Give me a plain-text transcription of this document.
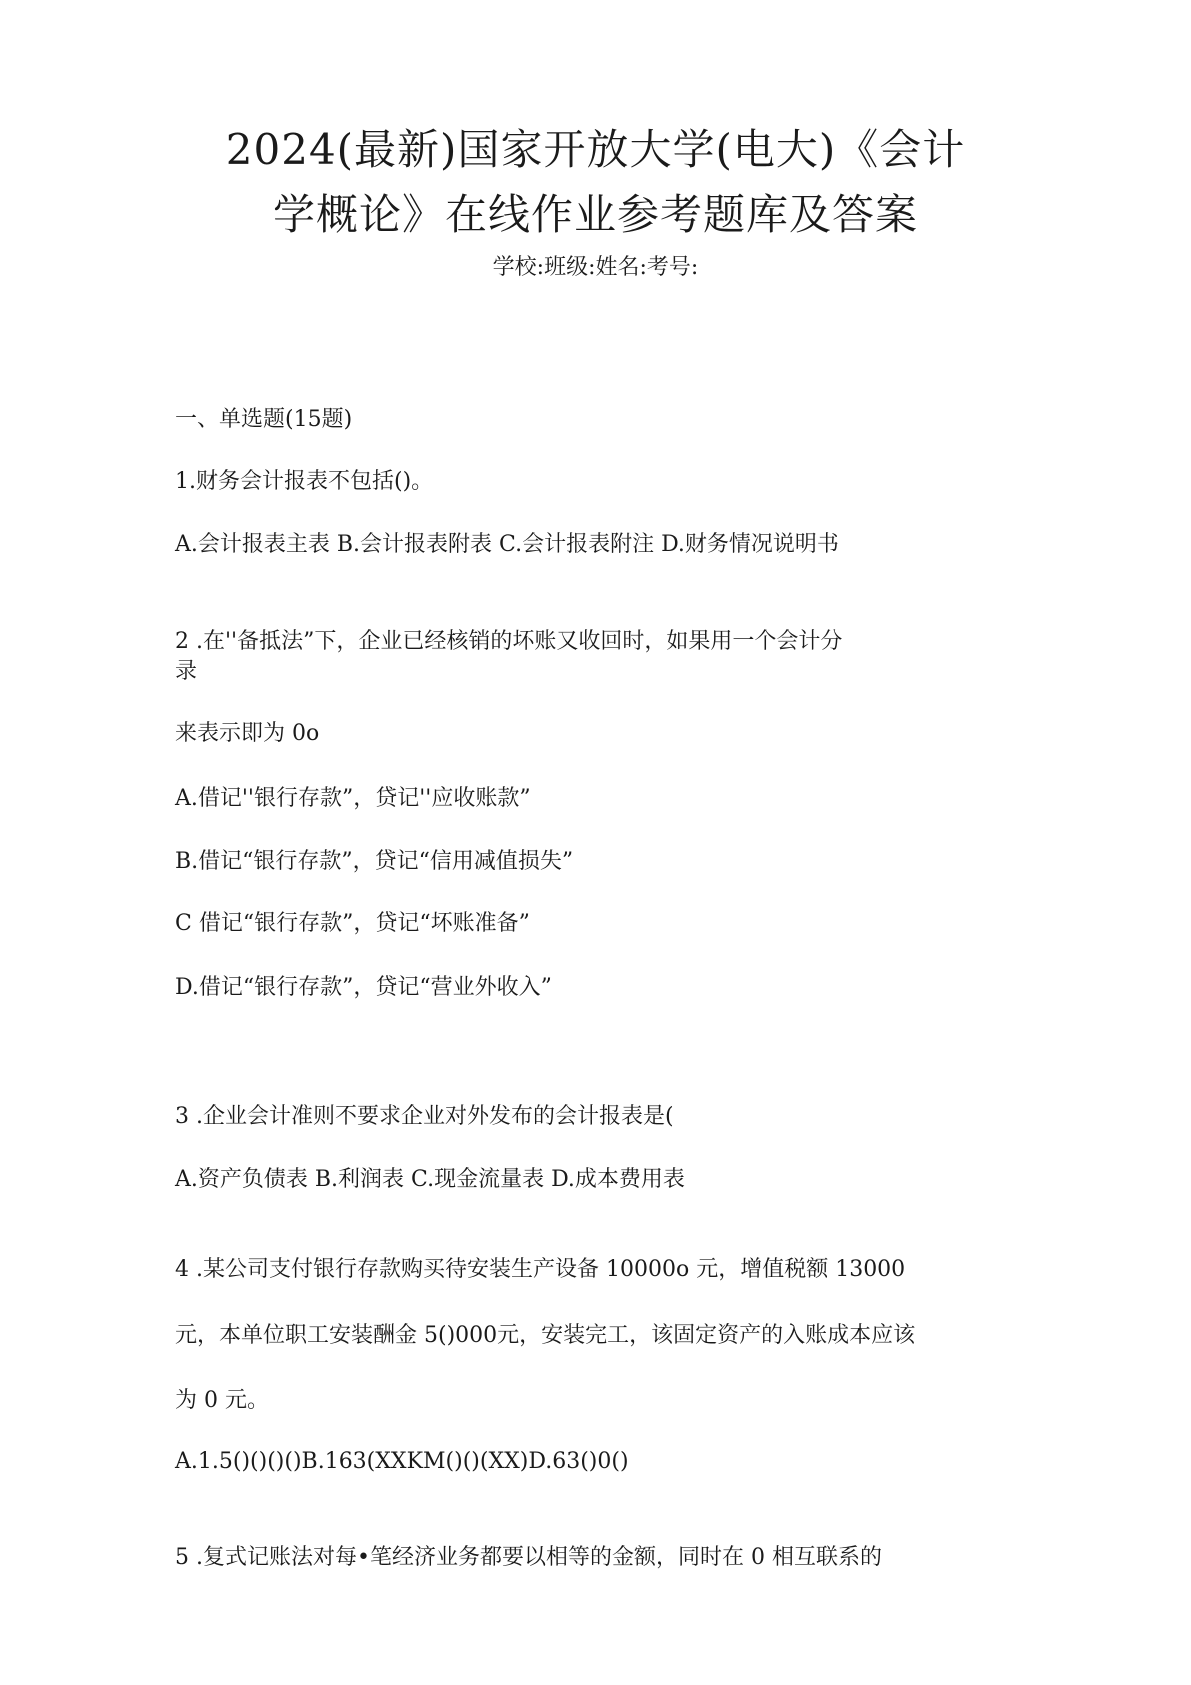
2024(最新)国家开放大学(电大)《会计
学概论》在线作业参考题库及答案
学校:班级:姓名:考号:
一、单选题(15题)
1.财务会计报表不包括()。
A.会计报表主表 B.会计报表附表 C.会计报表附注 D.财务情况说明书
2 .在''备抵法”下，企业已经核销的坏账又收回时，如果用一个会计分
录
来表示即为 0o
A.借记''银行存款”，贷记''应收账款”
B.借记“银行存款”，贷记“信用减值损失”
C 借记“银行存款”，贷记“坏账准备”
D.借记“银行存款”，贷记“营业外收入”
3 .企业会计准则不要求企业对外发布的会计报表是(
A.资产负债表 B.利润表 C.现金流量表 D.成本费用表
4 .某公司支付银行存款购买待安装生产设备 10000o 元，增值税额 13000
元，本单位职工安装酬金 5()000元，安装完工，该固定资产的入账成本应该
为 0 元。
A.1.5()()()()B.163(XXKM()()(XX)D.63()0()
5 .复式记账法对每•笔经济业务都要以相等的金额，同时在 0 相互联系的
